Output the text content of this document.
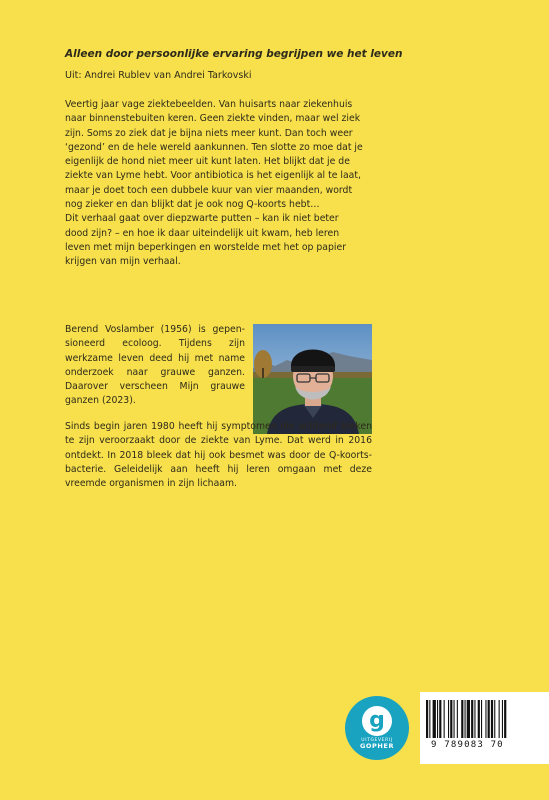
Alleen door persoonlijke ervaring begrijpen we het leven
Uit: Andrei Rublev van Andrei Tarkovski
Veertig jaar vage ziektebeelden. Van huisarts naar ziekenhuis
naar binnenstebuiten keren. Geen ziekte vinden, maar wel ziek
zijn. Soms zo ziek dat je bijna niets meer kunt. Dan toch weer
‘gezond’ en de hele wereld aankunnen. Ten slotte zo moe dat je
eigenlijk de hond niet meer uit kunt laten. Het blijkt dat je de
ziekte van Lyme hebt. Voor antibiotica is het eigenlijk al te laat,
maar je doet toch een dubbele kuur van vier maanden, wordt
nog zieker en dan blijkt dat je ook nog Q-koorts hebt…
Dit verhaal gaat over diepzwarte putten – kan ik niet beter
dood zijn? – en hoe ik daar uiteindelijk uit kwam, heb leren
leven met mijn beperkingen en worstelde met het op papier
krijgen van mijn verhaal.
Berend Voslamber (1956) is gepensioneerd ecoloog. Tijdens zijn werkzame leven deed hij met name onderzoek naar grauwe ganzen. Daarover verscheen Mijn grauwe ganzen (2023).
Sinds begin jaren 1980 heeft hij symptomen die achteraf bleken te zijn veroorzaakt door de ziekte van Lyme. Dat werd in 2016 ontdekt. In 2018 bleek dat hij ook besmet was door de Q-koortsbacterie. Geleidelijk aan heeft hij leren omgaan met deze vreemde organismen in zijn lichaam.
g
UITGEVERIJ
GOPHER	9 789083 70
